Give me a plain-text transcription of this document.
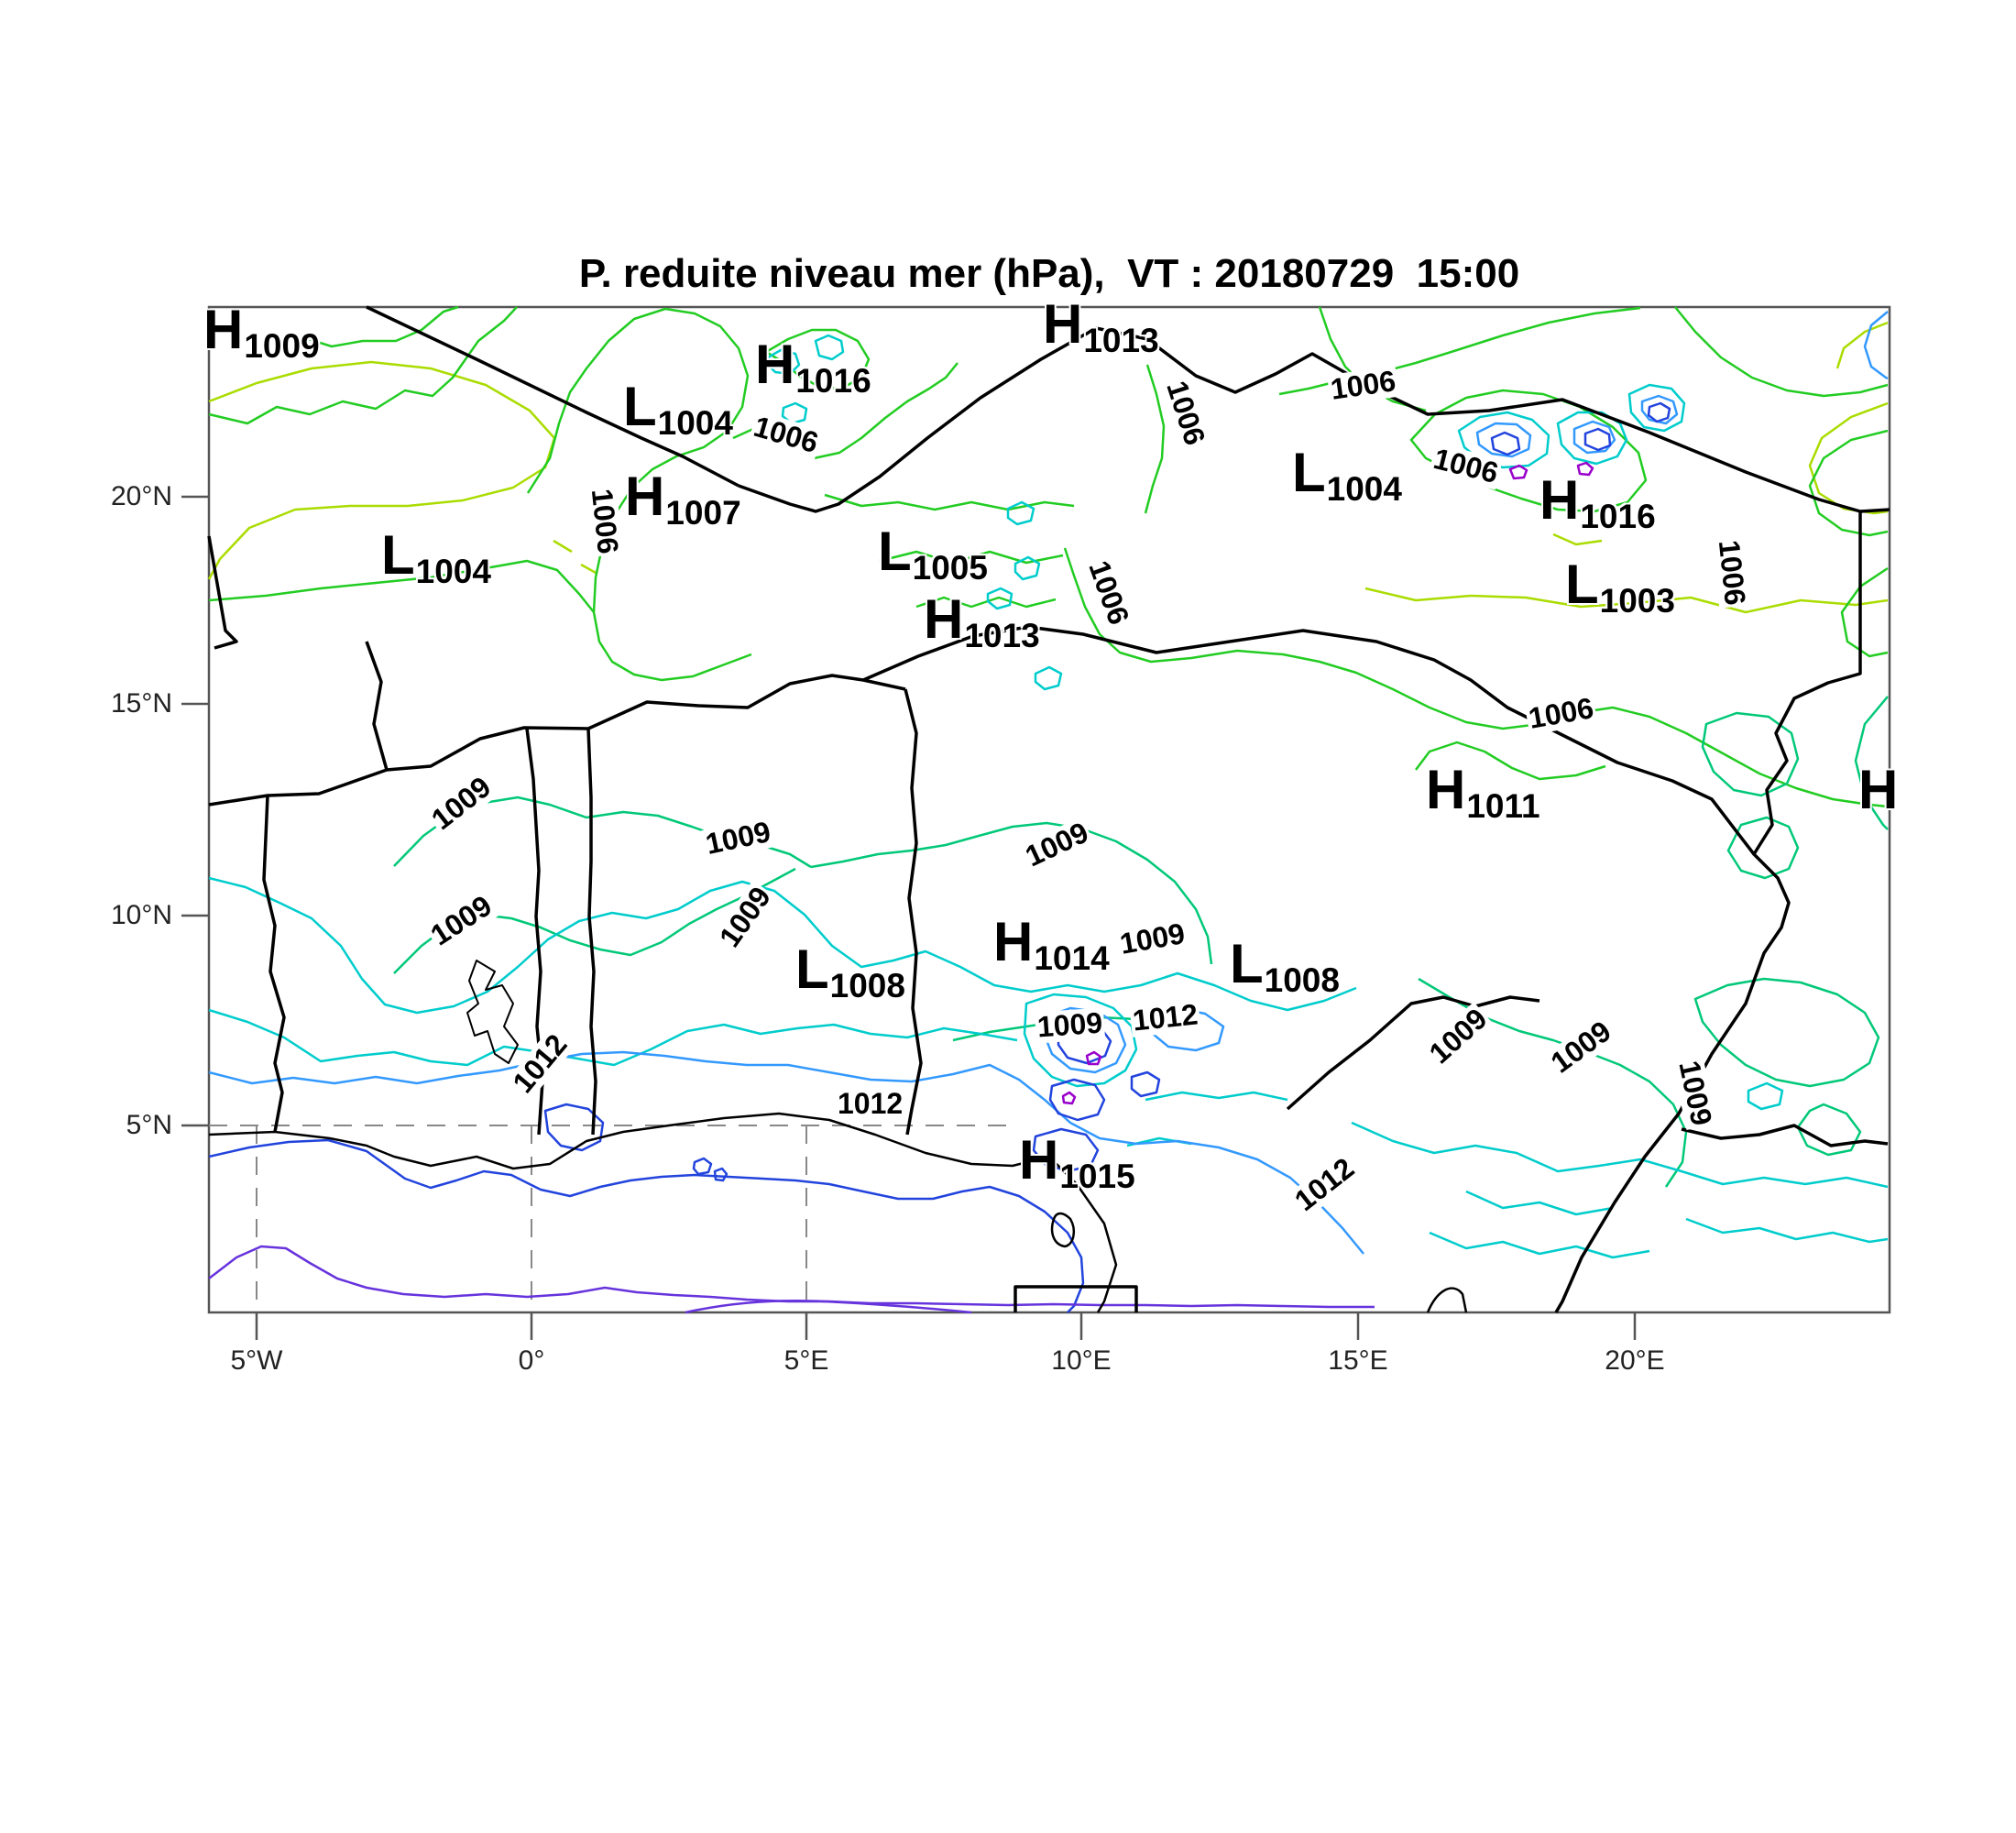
P. reduite niveau mer (hPa),  VT : 20180729  15:00
20°N
15°N
10°N
5°N
5°W	0°	5°E	10°E	15°E	20°E
H1009
L1004
H1016
H1013
H1007
L1004	L1005
H1013
L1004	H1016
L1003
H1011	H
H1014
L1008	L1008
H1015
1006
1006	1006	1006
1006
1006	1006
1006
1009
1009	1009
1009	1009	1009
1009 1012
1012
1012
1012
1009 1009
1009
